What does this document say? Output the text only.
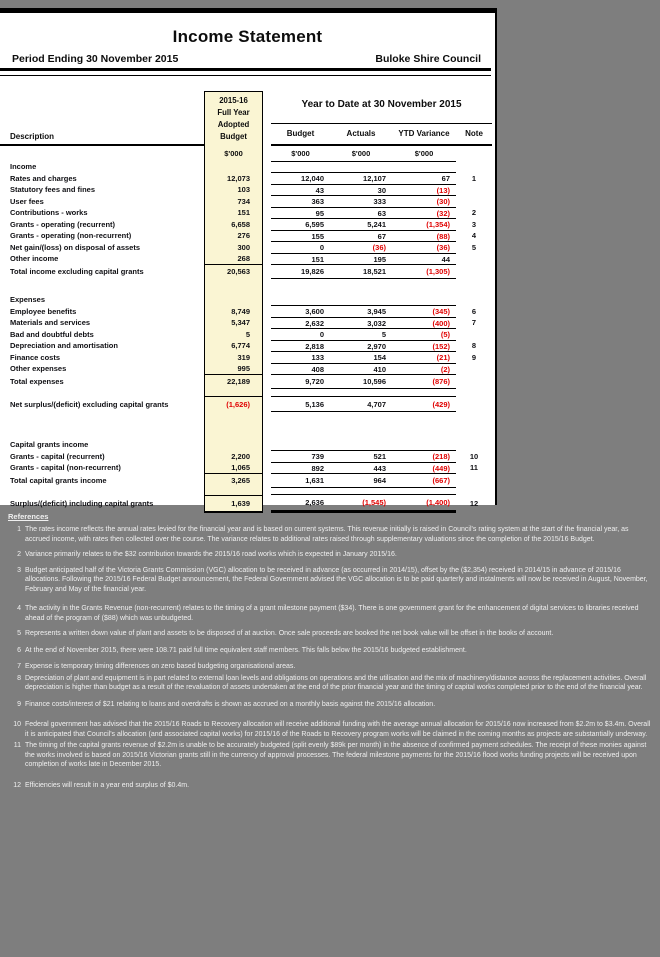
Income Statement
Period Ending 30 November 2015	Buloke Shire Council
2015-16
Full Year
Adopted
Budget
Year to Date at 30 November 2015
Description	Budget	Actuals	YTD Variance	Note
$'000	$'000	$'000	$'000
Income
Rates and charges	12,073	12,040	12,107	67	1
Statutory fees and fines	103	43	30	(13)
User fees	734	363	333	(30)
Contributions - works	151	95	63	(32)	2
Grants - operating (recurrent)	6,658	6,595	5,241	(1,354)	3
Grants - operating (non-recurrent)	276	155	67	(88)	4
Net gain/(loss) on disposal of assets	300	0	(36)	(36)	5
Other income	268	151	195	44
Total income excluding capital grants	20,563	19,826	18,521	(1,305)
Expenses
Employee benefits	8,749	3,600	3,945	(345)	6
Materials and services	5,347	2,632	3,032	(400)	7
Bad and doubtful debts	5	0	5	(5)
Depreciation and amortisation	6,774	2,818	2,970	(152)	8
Finance costs	319	133	154	(21)	9
Other expenses	995	408	410	(2)
Total expenses	22,189	9,720	10,596	(876)
Net surplus/(deficit) excluding capital grants	(1,626)	5,136	4,707	(429)
Capital grants income
Grants - capital (recurrent)	2,200	739	521	(218)	10
Grants - capital (non-recurrent)	1,065	892	443	(449)	11
Total capital grants income	3,265	1,631	964	(667)
Surplus/(deficit) including capital grants	1,639	2,636	(1,545)	(1,400)	12
References
1 The rates income reflects the annual rates levied for the financial year and is based on current systems. This revenue initially is raised in Council's rating system at the start of the financial year, as accrued income, with rates then collected over the course. The variance relates to additional rates raised through supplementary valuations since the completion of the 2015/16 Budget.
2 Variance primarily relates to the $32 contribution towards the 2015/16 road works which is expected in January 2015/16.
3 Budget anticipated half of the Victoria Grants Commission (VGC) allocation to be received in advance (as occurred in 2014/15), offset by the ($2,354) received in 2014/15 in advance of 2015/16 allocations. Following the 2015/16 Federal Budget announcement, the Federal Government advised the VGC allocation is to be paid quarterly and instalments will now be received in August, November, February and May of the financial year.
4 The activity in the Grants Revenue (non-recurrent) relates to the timing of a grant milestone payment ($34). There is one government grant for the enhancement of digital services to libraries received ahead of the program of ($88) which was unbudgeted.
5 Represents a written down value of plant and assets to be disposed of at auction. Once sale proceeds are booked the net book value will be offset in the books of account.
6 At the end of November 2015, there were 108.71 paid full time equivalent staff members. This falls below the 2015/16 budgeted establishment.
7 Expense is temporary timing differences on zero based budgeting organisational areas.
8 Depreciation of plant and equipment is in part related to external loan levels and obligations on operations and the utilisation and the mix of machinery/distance across the replacement activities. Overall depreciation is higher than budget as a result of the revaluation of assets undertaken at the end of the prior financial year and the timing of capital works completed prior to the end of the financial year.
9 Finance costs/interest of $21 relating to loans and overdrafts is shown as accrued on a monthly basis against the 2015/16 allocation.
10 Federal government has advised that the 2015/16 Roads to Recovery allocation will receive additional funding with the average annual allocation for 2015/16 now increased from $2.2m to $3.4m. Overall it is anticipated that Council's allocation (and associated capital works) for 2015/16 of the Roads to Recovery program works will be claimed in the coming months as projects are substantially underway.
11 The timing of the capital grants revenue of $2.2m is unable to be accurately budgeted (split evenly $89k per month) in the absence of confirmed payment schedules. The receipt of these monies against the works involved is based on 2015/16 Victorian grants still in the currency of approval processes. The federal milestone payments for the 2015/16 flood works funding projects will be received upon completion of works late in December 2015.
12 Efficiencies will result in a year end surplus of $0.4m.
